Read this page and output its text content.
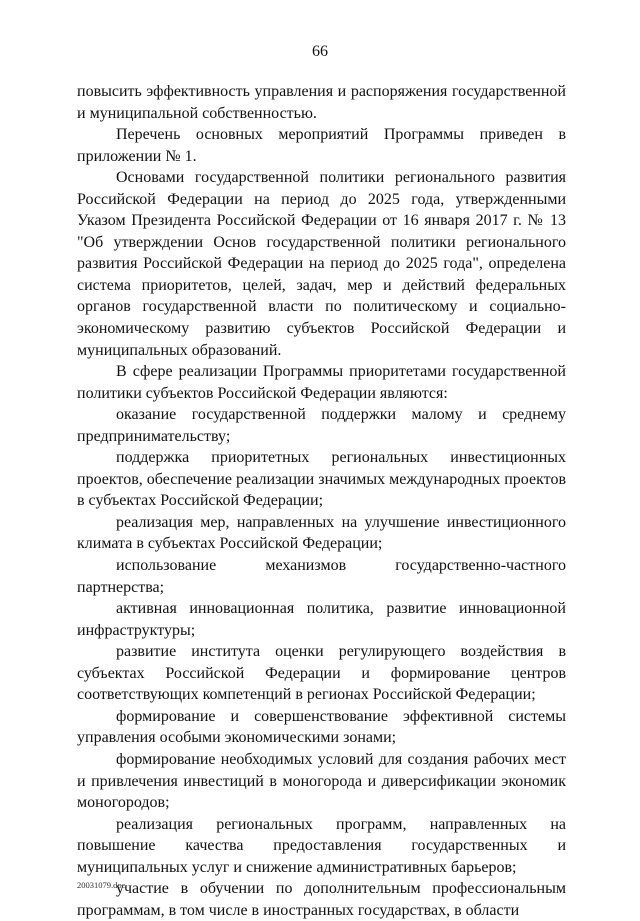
66

повысить эффективность управления и распоряжения государственной и муниципальной собственностью.

Перечень основных мероприятий Программы приведен в приложении № 1.

Основами государственной политики регионального развития Российской Федерации на период до 2025 года, утвержденными Указом Президента Российской Федерации от 16 января 2017 г. № 13 "Об утверждении Основ государственной политики регионального развития Российской Федерации на период до 2025 года", определена система приоритетов, целей, задач, мер и действий федеральных органов государственной власти по политическому и социально-экономическому развитию субъектов Российской Федерации и муниципальных образований.

В сфере реализации Программы приоритетами государственной политики субъектов Российской Федерации являются:

оказание государственной поддержки малому и среднему предпринимательству;

поддержка приоритетных региональных инвестиционных проектов, обеспечение реализации значимых международных проектов в субъектах Российской Федерации;

реализация мер, направленных на улучшение инвестиционного климата в субъектах Российской Федерации;

использование механизмов государственно-частного партнерства;

активная инновационная политика, развитие инновационной инфраструктуры;

развитие института оценки регулирующего воздействия в субъектах Российской Федерации и формирование центров соответствующих компетенций в регионах Российской Федерации;

формирование и совершенствование эффективной системы управления особыми экономическими зонами;

формирование необходимых условий для создания рабочих мест и привлечения инвестиций в моногорода и диверсификации экономик моногородов;

реализация региональных программ, направленных на повышение качества предоставления государственных и муниципальных услуг и снижение административных барьеров;

участие в обучении по дополнительным профессиональным программам, в том числе в иностранных государствах, в области

20031079.doc
